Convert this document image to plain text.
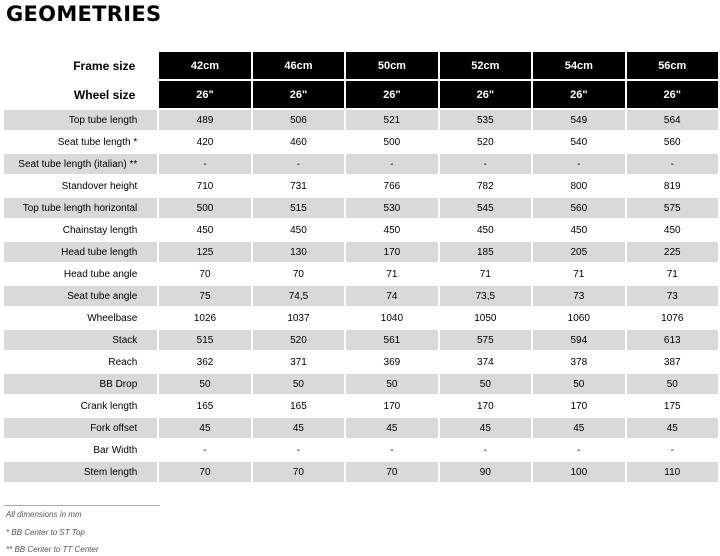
GEOMETRIES
Frame size	42cm	46cm	50cm	52cm	54cm	56cm
Wheel size	26"	26"	26"	26"	26"	26"
Top tube length	489	506	521	535	549	564
Seat tube length *	420	460	500	520	540	560
Seat tube length (italian) **	-	-	-	-	-	-
Standover height	710	731	766	782	800	819
Top tube length horizontal	500	515	530	545	560	575
Chainstay length	450	450	450	450	450	450
Head tube length	125	130	170	185	205	225
Head tube angle	70	70	71	71	71	71
Seat tube angle	75	74,5	74	73,5	73	73
Wheelbase	1026	1037	1040	1050	1060	1076
Stack	515	520	561	575	594	613
Reach	362	371	369	374	378	387
BB Drop	50	50	50	50	50	50
Crank length	165	165	170	170	170	175
Fork offset	45	45	45	45	45	45
Bar Width	-	-	-	-	-	-
Stem length	70	70	70	90	100	110
All dimensions in mm
* BB Center to ST Top
** BB Center to TT Center
